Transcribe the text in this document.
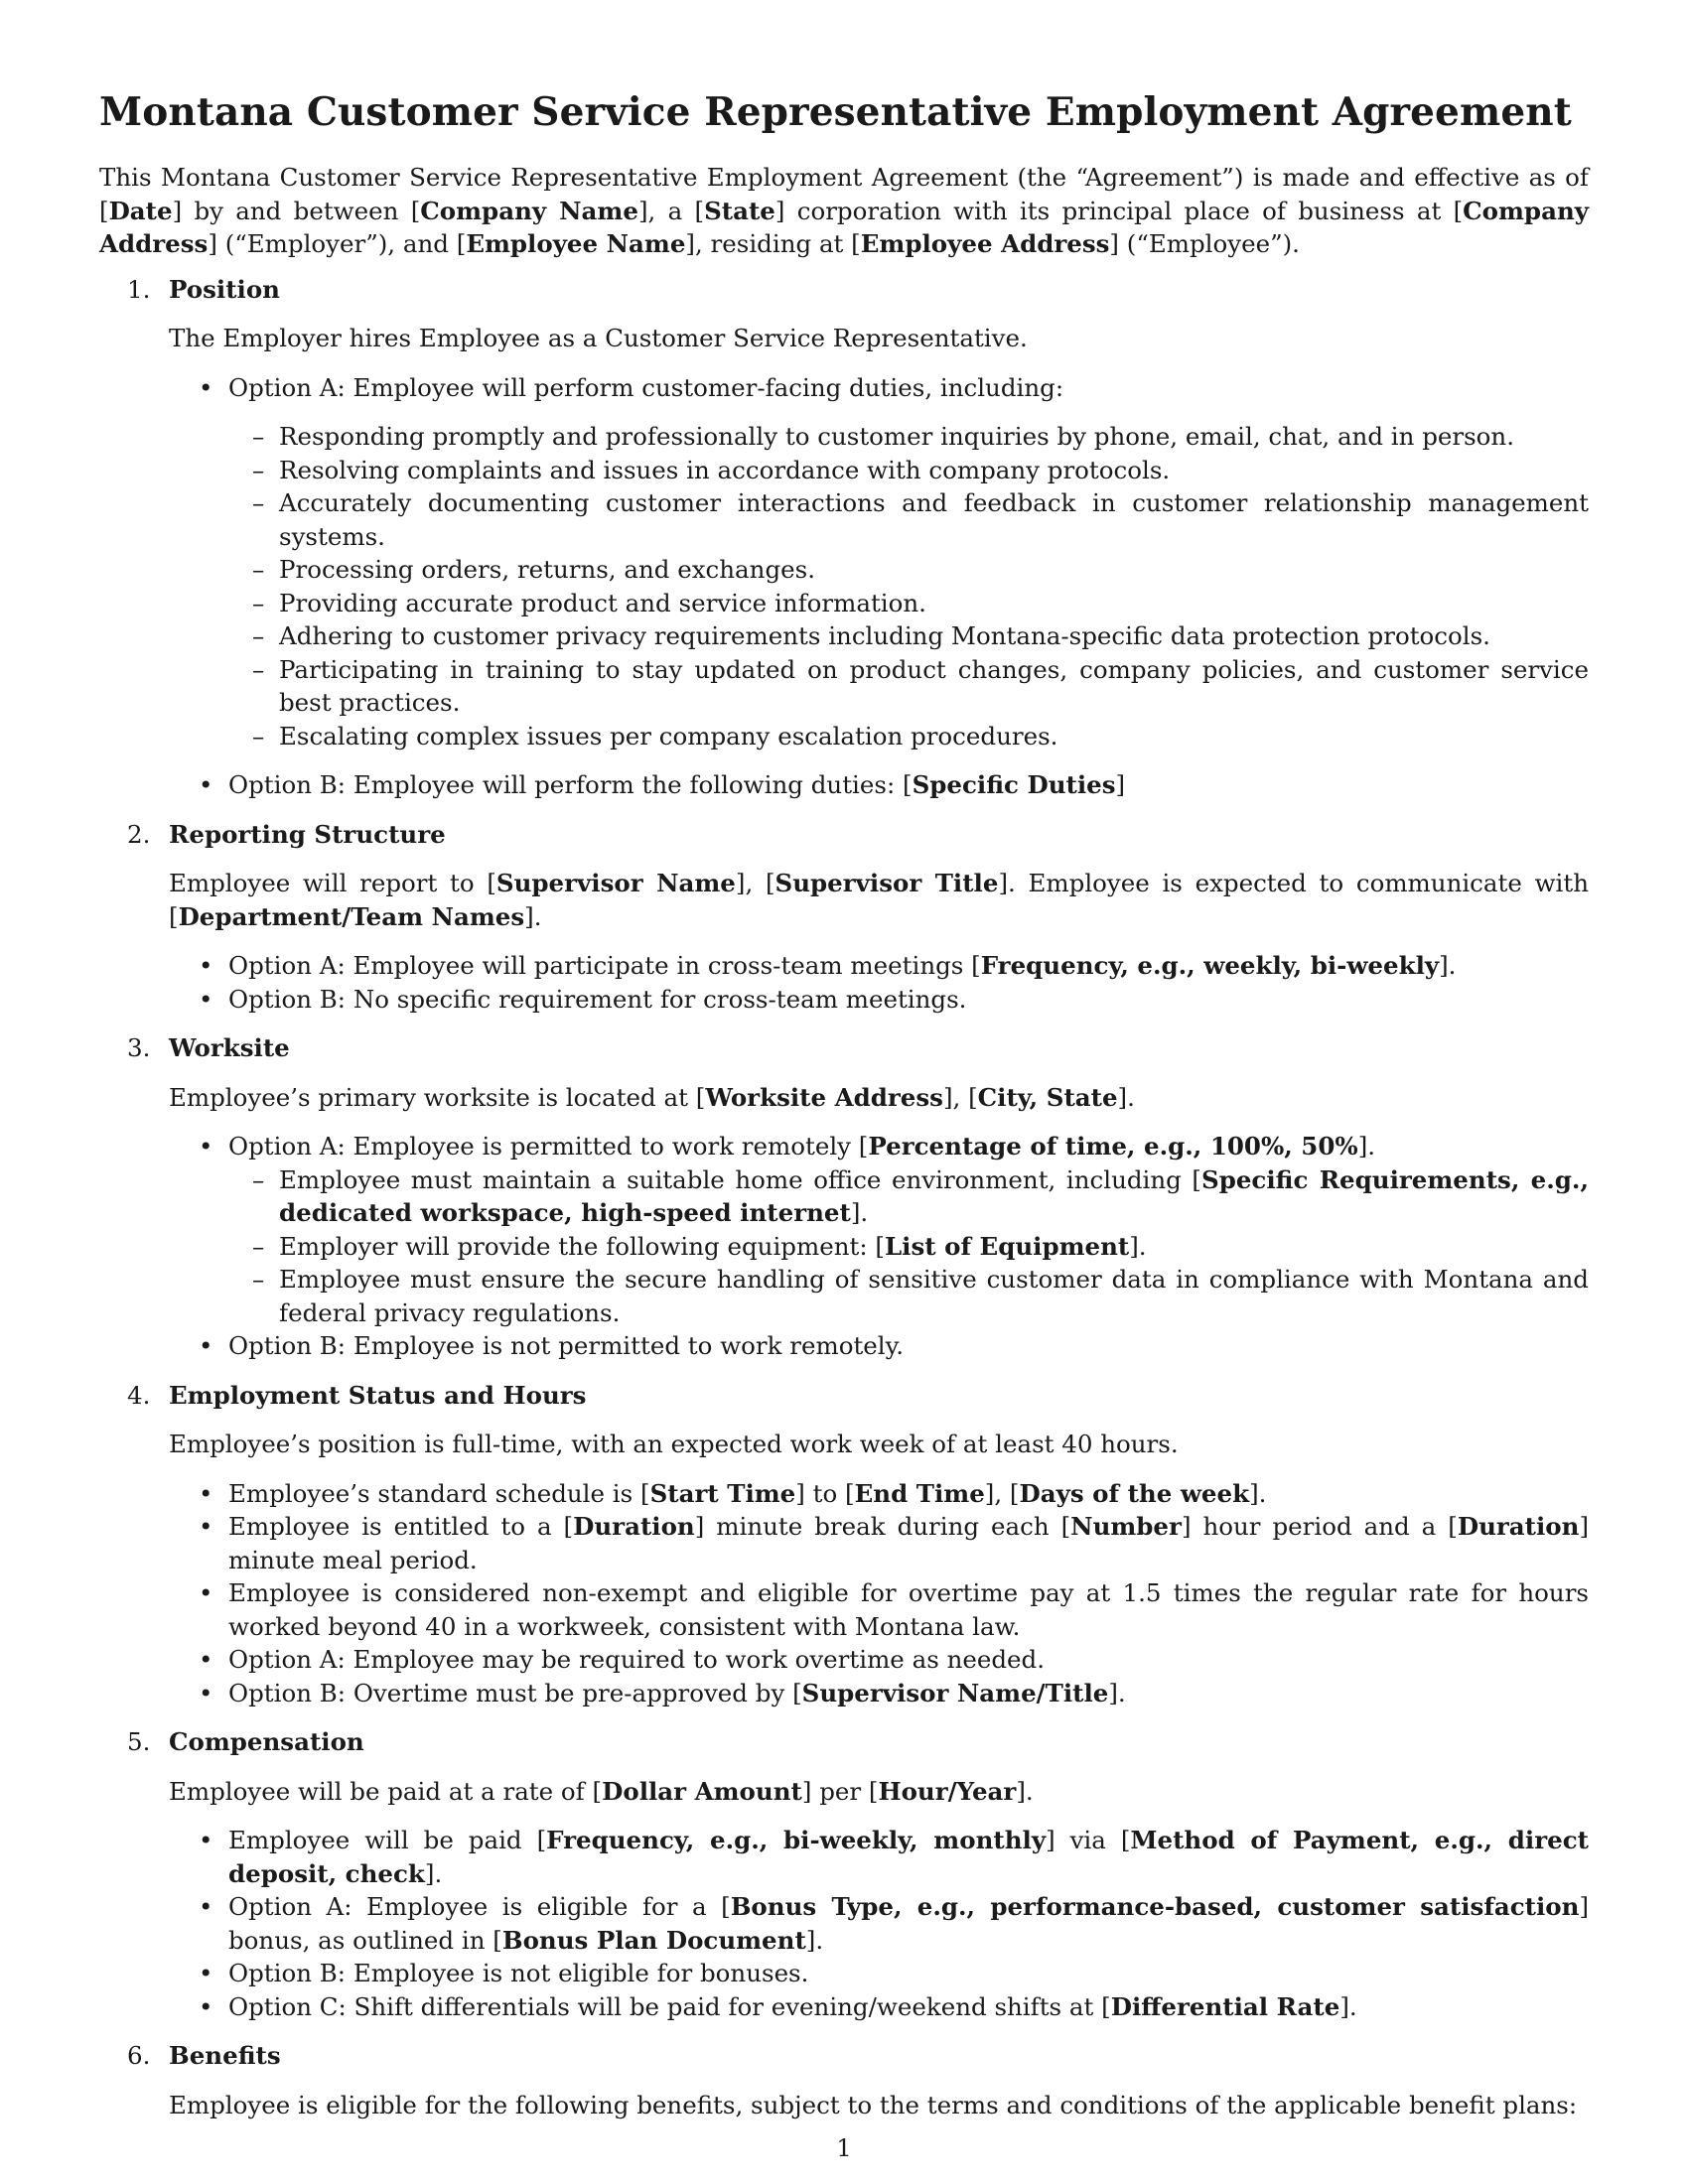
Montana Customer Service Representative Employment Agreement

This Montana Customer Service Representative Employment Agreement (the “Agreement”) is made and effective as of [Date] by and between [Company Name], a [State] corporation with its principal place of business at [Company Address] (“Employer”), and [Employee Name], residing at [Employee Address] (“Employee”).

1. Position

The Employer hires Employee as a Customer Service Representative.

• Option A: Employee will perform customer-facing duties, including:
– Responding promptly and professionally to customer inquiries by phone, email, chat, and in person.
– Resolving complaints and issues in accordance with company protocols.
– Accurately documenting customer interactions and feedback in customer relationship management systems.
– Processing orders, returns, and exchanges.
– Providing accurate product and service information.
– Adhering to customer privacy requirements including Montana-specific data protection protocols.
– Participating in training to stay updated on product changes, company policies, and customer service best practices.
– Escalating complex issues per company escalation procedures.
• Option B: Employee will perform the following duties: [Specific Duties]
2. Reporting Structure

Employee will report to [Supervisor Name], [Supervisor Title]. Employee is expected to communicate with [Department/Team Names].

• Option A: Employee will participate in cross-team meetings [Frequency, e.g., weekly, bi-weekly].
• Option B: No specific requirement for cross-team meetings.
3. Worksite

Employee’s primary worksite is located at [Worksite Address], [City, State].

• Option A: Employee is permitted to work remotely [Percentage of time, e.g., 100%, 50%].
– Employee must maintain a suitable home office environment, including [Specific Requirements, e.g., dedicated workspace, high-speed internet].
– Employer will provide the following equipment: [List of Equipment].
– Employee must ensure the secure handling of sensitive customer data in compliance with Montana and federal privacy regulations.
• Option B: Employee is not permitted to work remotely.
4. Employment Status and Hours

Employee’s position is full-time, with an expected work week of at least 40 hours.

• Employee’s standard schedule is [Start Time] to [End Time], [Days of the week].
• Employee is entitled to a [Duration] minute break during each [Number] hour period and a [Duration] minute meal period.
• Employee is considered non-exempt and eligible for overtime pay at 1.5 times the regular rate for hours worked beyond 40 in a workweek, consistent with Montana law.
• Option A: Employee may be required to work overtime as needed.
• Option B: Overtime must be pre-approved by [Supervisor Name/Title].
5. Compensation

Employee will be paid at a rate of [Dollar Amount] per [Hour/Year].

• Employee will be paid [Frequency, e.g., bi-weekly, monthly] via [Method of Payment, e.g., direct deposit, check].
• Option A: Employee is eligible for a [Bonus Type, e.g., performance-based, customer satisfaction] bonus, as outlined in [Bonus Plan Document].
• Option B: Employee is not eligible for bonuses.
• Option C: Shift differentials will be paid for evening/weekend shifts at [Differential Rate].
6. Benefits

Employee is eligible for the following benefits, subject to the terms and conditions of the applicable benefit plans:

1
